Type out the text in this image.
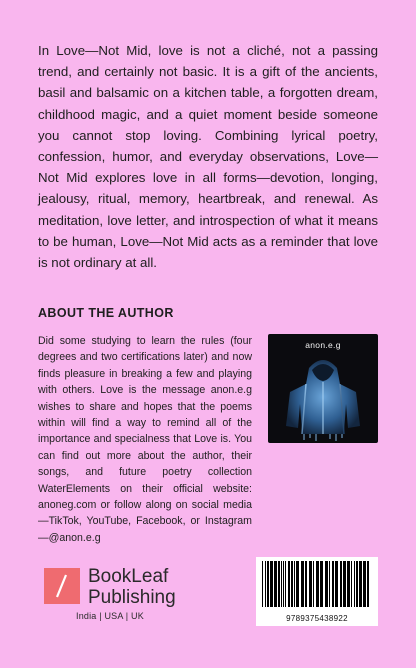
In Love—Not Mid, love is not a cliché, not a passing trend, and certainly not basic. It is a gift of the ancients, basil and balsamic on a kitchen table, a forgotten dream, childhood magic, and a quiet moment beside someone you cannot stop loving. Combining lyrical poetry, confession, humor, and everyday observations, Love—Not Mid explores love in all forms—devotion, longing, jealousy, ritual, memory, heartbreak, and renewal. As meditation, love letter, and introspection of what it means to be human, Love—Not Mid acts as a reminder that love is not ordinary at all.

ABOUT THE AUTHOR

Did some studying to learn the rules (four degrees and two certifications later) and now finds pleasure in breaking a few and playing with others. Love is the message anon.e.g wishes to share and hopes that the poems within will find a way to remind all of the importance and specialness that Love is. You can find out more about the author, their songs, and future poetry collection WaterElements on their official website: anoneg.com or follow along on social media—TikTok, YouTube, Facebook, or Instagram—@anon.e.g

anon.e.g
BookLeaf
Publishing
India | USA | UK	9789375438922
